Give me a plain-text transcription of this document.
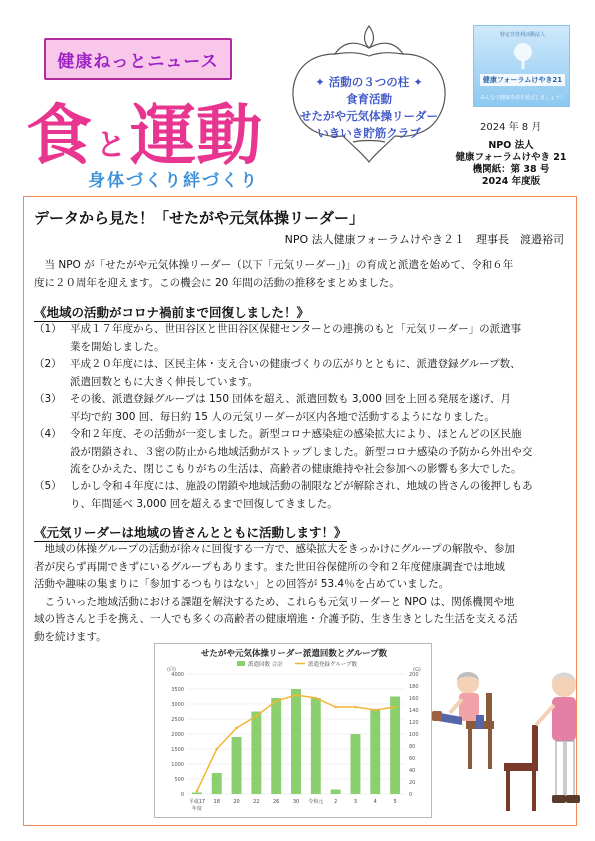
健康ねっとニュース
食 と 運動
身体づくり絆づくり
✦ 活動の３つの柱 ✦
食育活動
せたがや元気体操リーダー
いきいき貯筋クラブ
特定非営利活動法人
健康フォーラムけやき21
みんなで健康寿命を延ばしましょう！
2024 年 8 月
NPO 法人
健康フォーラムけやき 21
機関紙：第 38 号
2024 年度版
データから見た！「せたがや元気体操リーダー」
NPO 法人健康フォーラムけやき２１　理事長　渡邉裕司
　当 NPO が「せたがや元気体操リーダー（以下「元気リーダー」)」の育成と派遣を始めて、令和６年
度に２０周年を迎えます。この機会に 20 年間の活動の推移をまとめました。
《地域の活動がコロナ禍前まで回復しました！》
（1） 平成１７年度から、世田谷区と世田谷区保健センターとの連携のもと「元気リーダー」の派遣事
業を開始しました。
（2） 平成２０年度には、区民主体・支え合いの健康づくりの広がりとともに、派遣登録グループ数、
派遣回数ともに大きく伸長しています。
（3） その後、派遣登録グループは 150 団体を超え、派遣回数も 3,000 回を上回る発展を遂げ、月
平均で約 300 回、毎日約 15 人の元気リーダーが区内各地で活動するようになりました。
（4） 令和２年度、その活動が一変しました。新型コロナ感染症の感染拡大により、ほとんどの区民施
設が閉鎖され、３密の防止から地域活動がストップしました。新型コロナ感染の予防から外出や交
流をひかえた、閉じこもりがちの生活は、高齢者の健康維持や社会参加への影響も多大でした。
（5） しかし令和４年度には、施設の閉鎖や地域活動の制限などが解除され、地域の皆さんの後押しもあ
り、年間延べ 3,000 回を超えるまで回復してきました。
《元気リーダーは地域の皆さんとともに活動します！》
　地域の体操グループの活動が徐々に回復する一方で、感染拡大をきっかけにグループの解散や、参加
者が戻らず再開できずにいるグループもあります。また世田谷保健所の令和２年度健康調査では地域
活動や趣味の集まりに「参加するつもりはない」との回答が 53.4％を占めていました。
　こういった地域活動における課題を解決するため、これらも元気リーダーと NPO は、関係機関や地
域の皆さんと手を携え、一人でも多くの高齢者の健康増進・介護予防、生き生きとした生活を支える活
動を続けます。
せたがや元気体操リーダー派遣回数とグループ数
派遣回数 合計	派遣登録グループ数
(回)	(G)
0
500
1000
1500
2000
2500
3000
3500
4000
0
20
40
60
80
100
120
140
160
180
200
平成17
年度
18	20	22	26	30 令和元 2	3	4	5
